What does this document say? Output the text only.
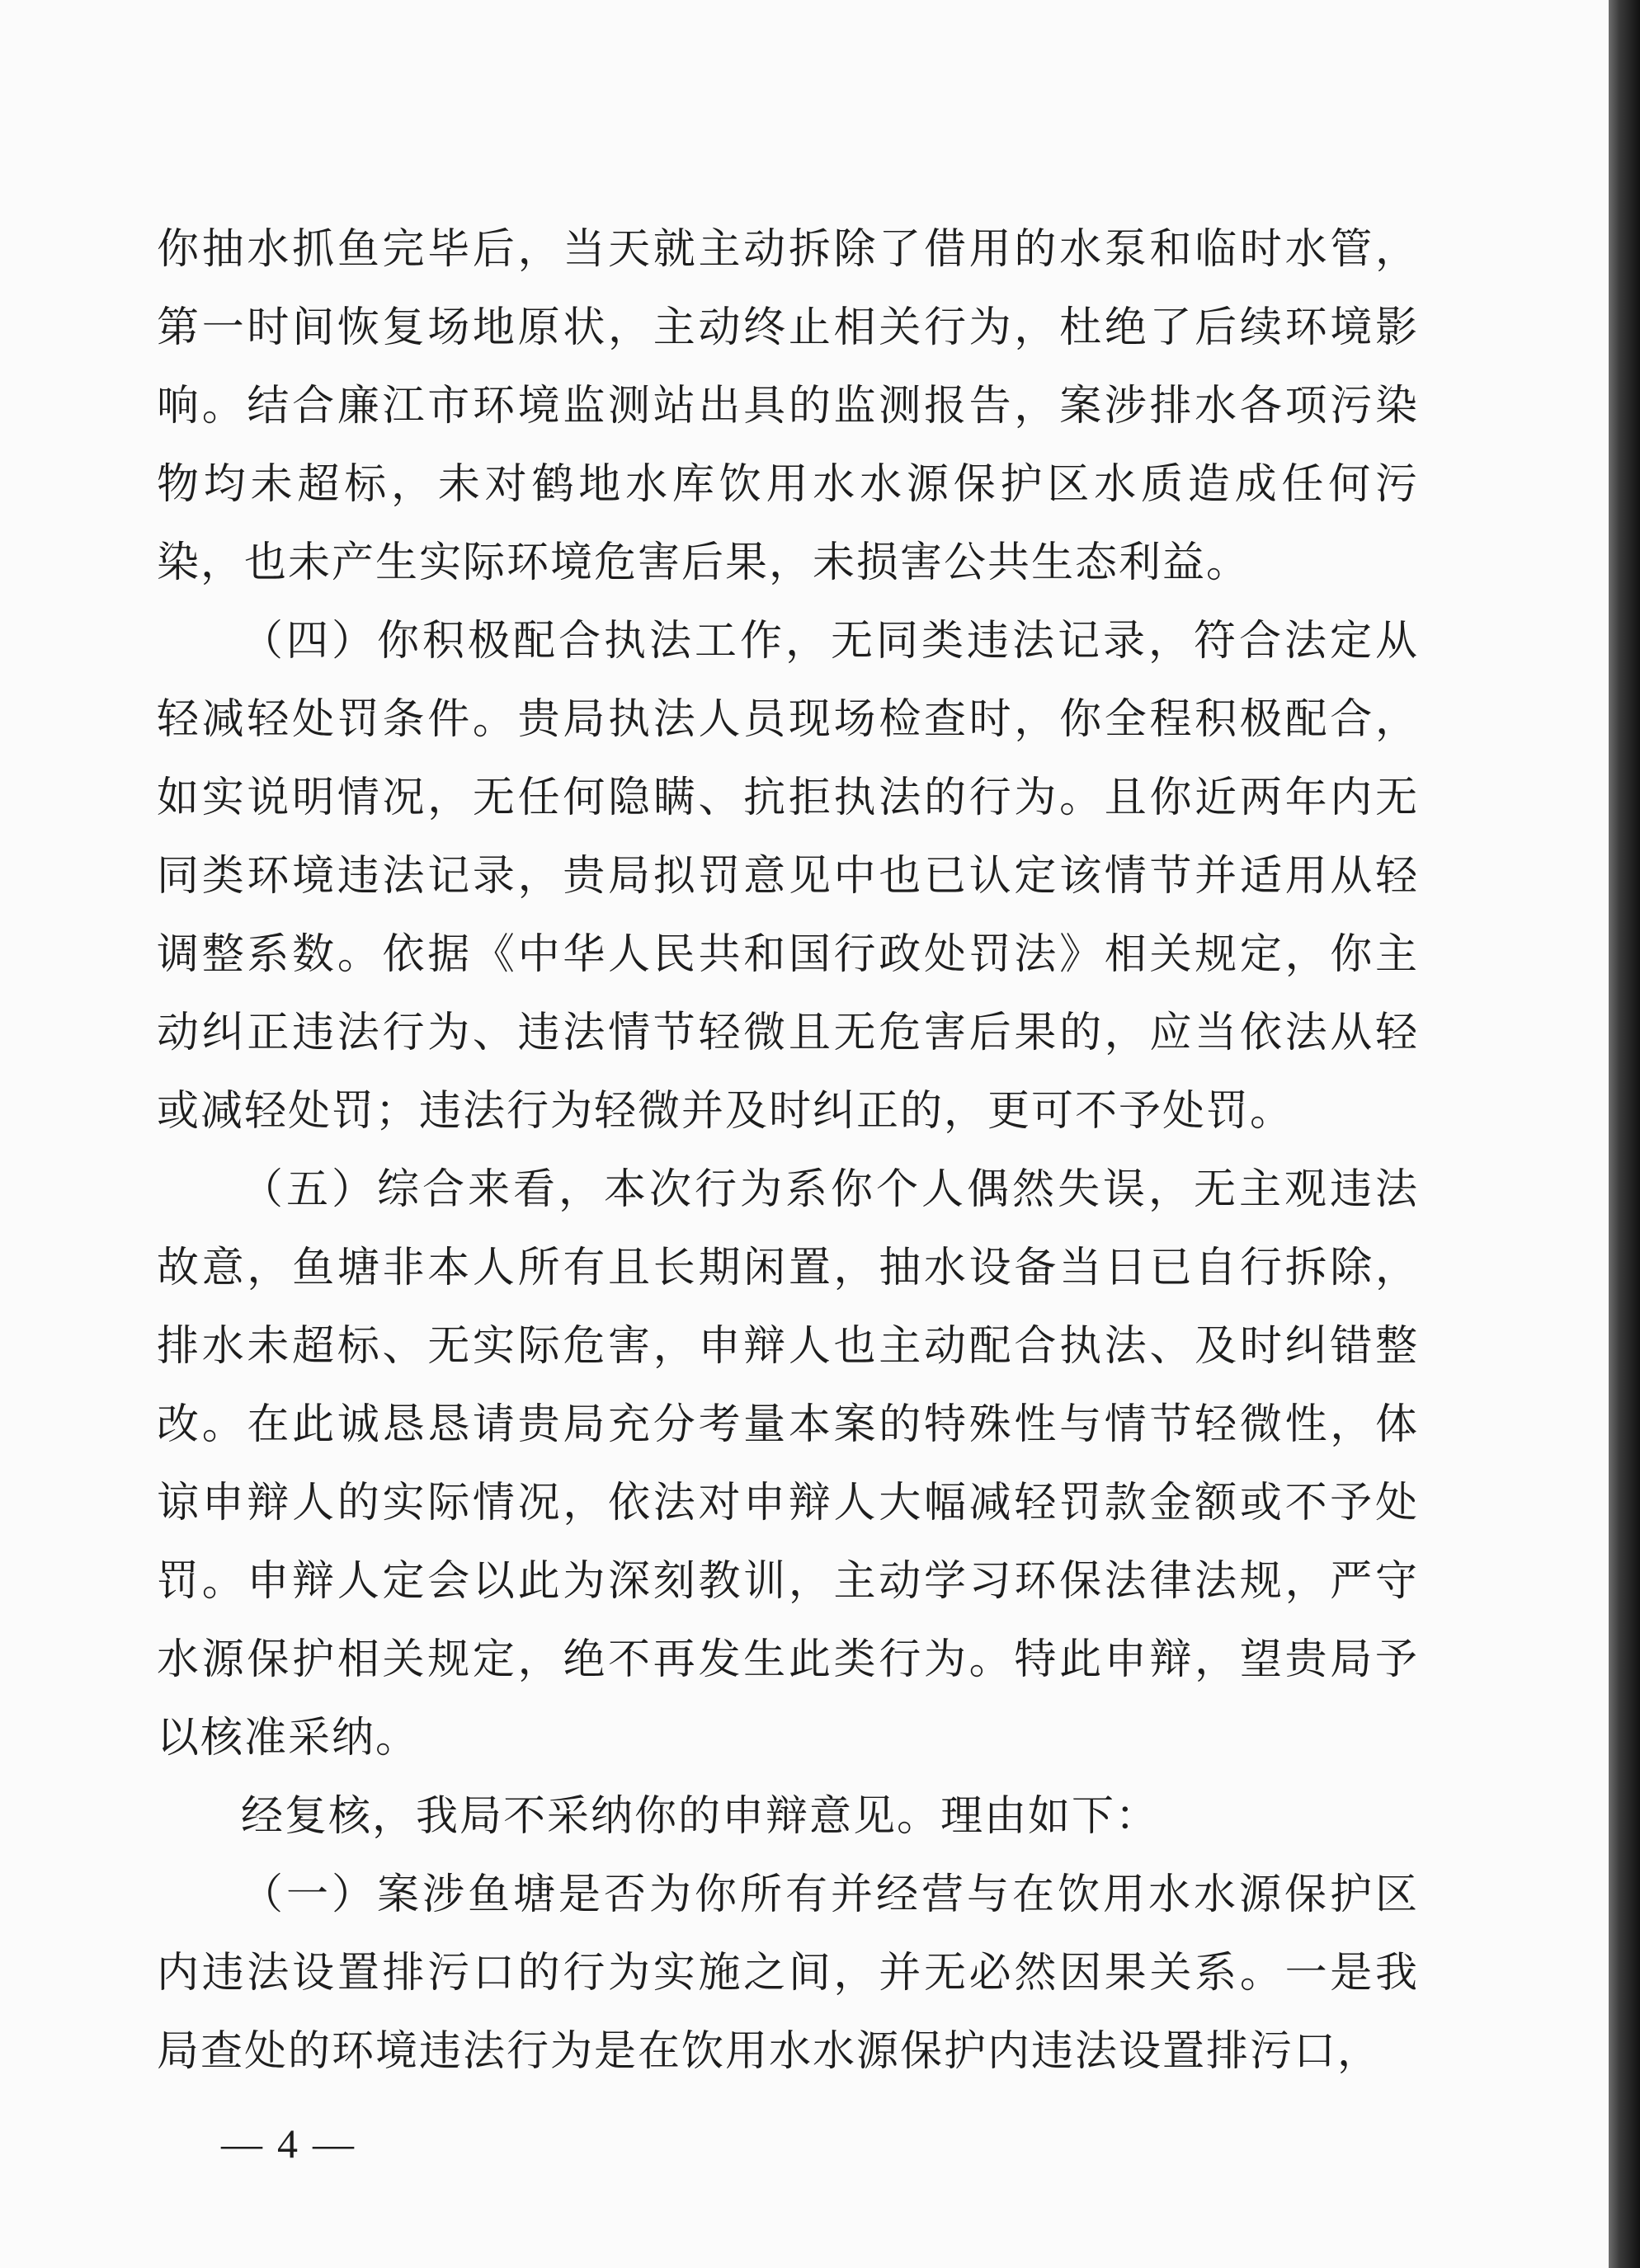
你抽水抓鱼完毕后，当天就主动拆除了借用的水泵和临时水管，第一时间恢复场地原状，主动终止相关行为，杜绝了后续环境影响。结合廉江市环境监测站出具的监测报告，案涉排水各项污染物均未超标，未对鹤地水库饮用水水源保护区水质造成任何污染，也未产生实际环境危害后果，未损害公共生态利益。

（四）你积极配合执法工作，无同类违法记录，符合法定从轻减轻处罚条件。贵局执法人员现场检查时，你全程积极配合，如实说明情况，无任何隐瞒、抗拒执法的行为。且你近两年内无同类环境违法记录，贵局拟罚意见中也已认定该情节并适用从轻调整系数。依据《中华人民共和国行政处罚法》相关规定，你主动纠正违法行为、违法情节轻微且无危害后果的，应当依法从轻或减轻处罚；违法行为轻微并及时纠正的，更可不予处罚。

（五）综合来看，本次行为系你个人偶然失误，无主观违法故意，鱼塘非本人所有且长期闲置，抽水设备当日已自行拆除，排水未超标、无实际危害，申辩人也主动配合执法、及时纠错整改。在此诚恳恳请贵局充分考量本案的特殊性与情节轻微性，体谅申辩人的实际情况，依法对申辩人大幅减轻罚款金额或不予处罚。申辩人定会以此为深刻教训，主动学习环保法律法规，严守水源保护相关规定，绝不再发生此类行为。特此申辩，望贵局予以核准采纳。

经复核，我局不采纳你的申辩意见。理由如下：

（一）案涉鱼塘是否为你所有并经营与在饮用水水源保护区内违法设置排污口的行为实施之间，并无必然因果关系。一是我局查处的环境违法行为是在饮用水水源保护内违法设置排污口，

— 4 —
